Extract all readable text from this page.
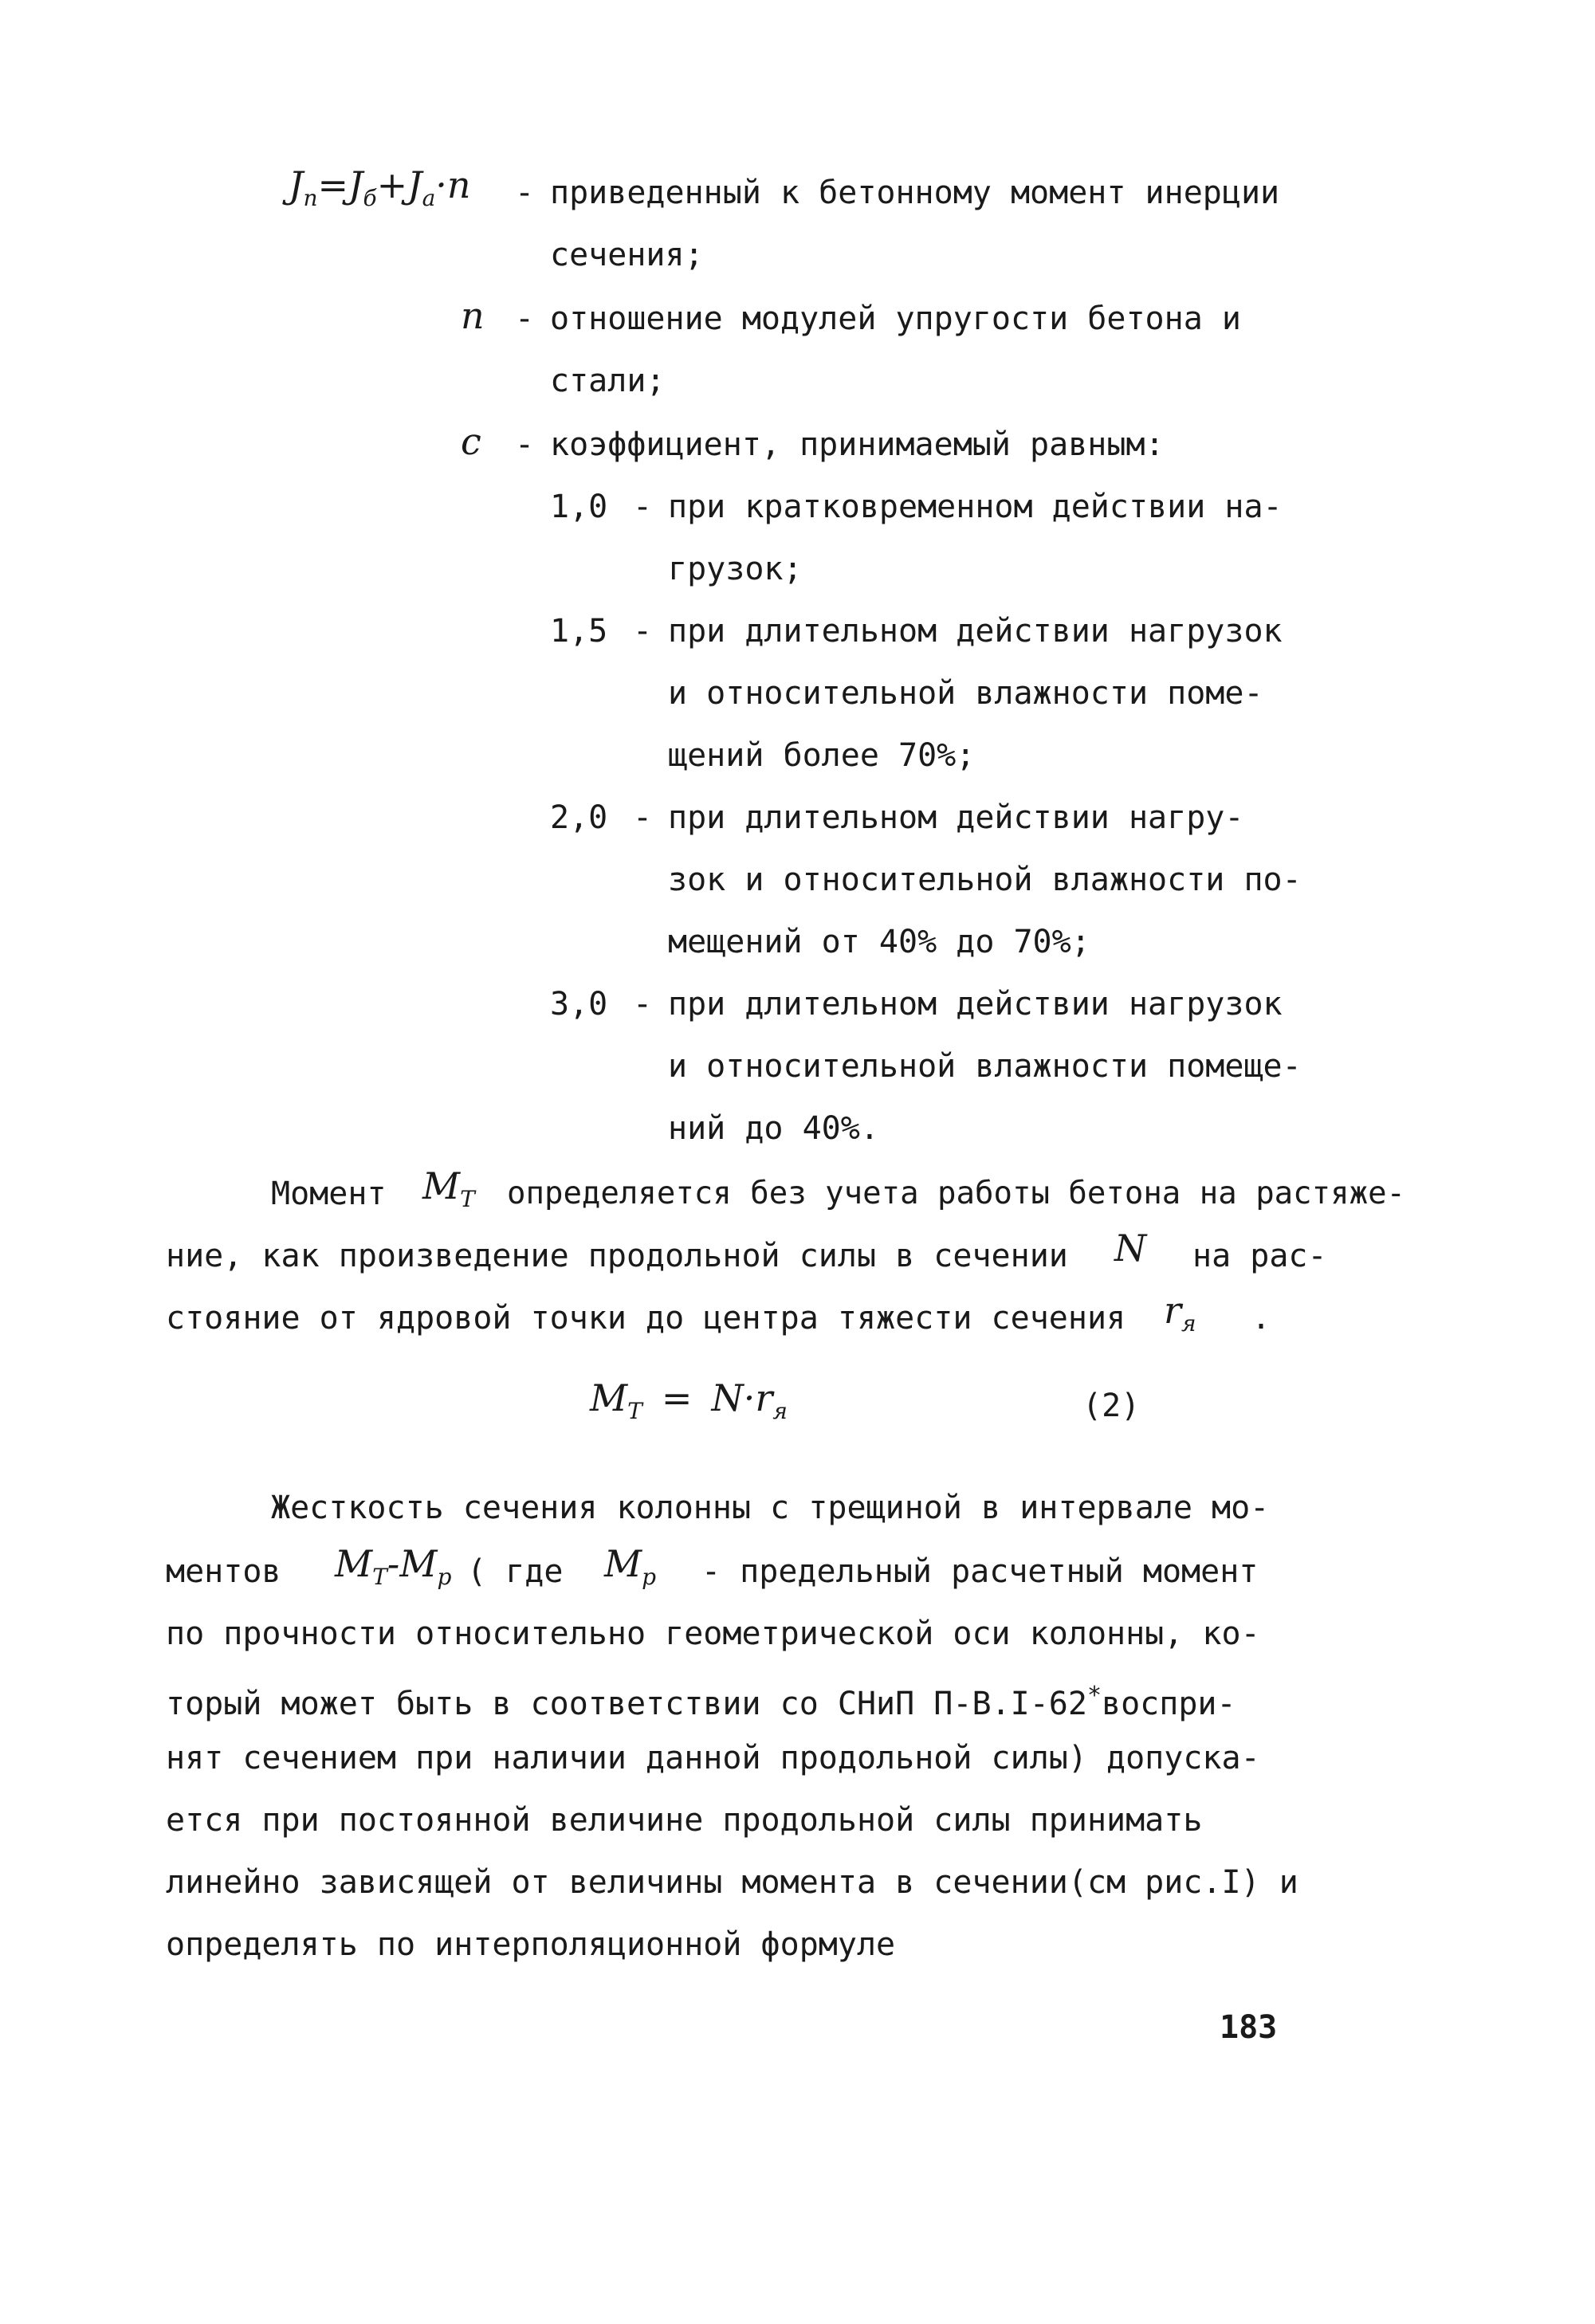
$J_п=J_б+J_а\cdot n$ - приведенный к бетонному момент инерции
сечения;
n - отношение модулей упругости бетона и
стали;
c - коэффициент, принимаемый равным:
1,0 - при кратковременном действии на-
грузок;
1,5 - при длительном действии нагрузок
и относительной влажности поме-
щений более 70%;
2,0 - при длительном действии нагру-
зок и относительной влажности по-
мещений от 40% до 70%;
3,0 - при длительном действии нагрузок
и относительной влажности помеще-
ний до 40%.
Момент $M_T$ определяется без учета работы бетона на растяже-
ние, как произведение продольной силы в сечении N на рас-
стояние от ядровой точки до центра тяжести сечения $r_я$ .
$M_T = N\cdot r_я$	(2)
Жесткость сечения колонны с трещиной в интервале мо-
ментов $M_T-M_p$ ( где $M_p$ - предельный расчетный момент
по прочности относительно геометрической оси колонны, ко-
торый может быть в соответствии со СНиП П-В.I-62*воспри-
нят сечением при наличии данной продольной силы) допуска-
ется при постоянной величине продольной силы принимать
линейно зависящей от величины момента в сечении(см рис.I) и
определять по интерполяционной формуле
183
